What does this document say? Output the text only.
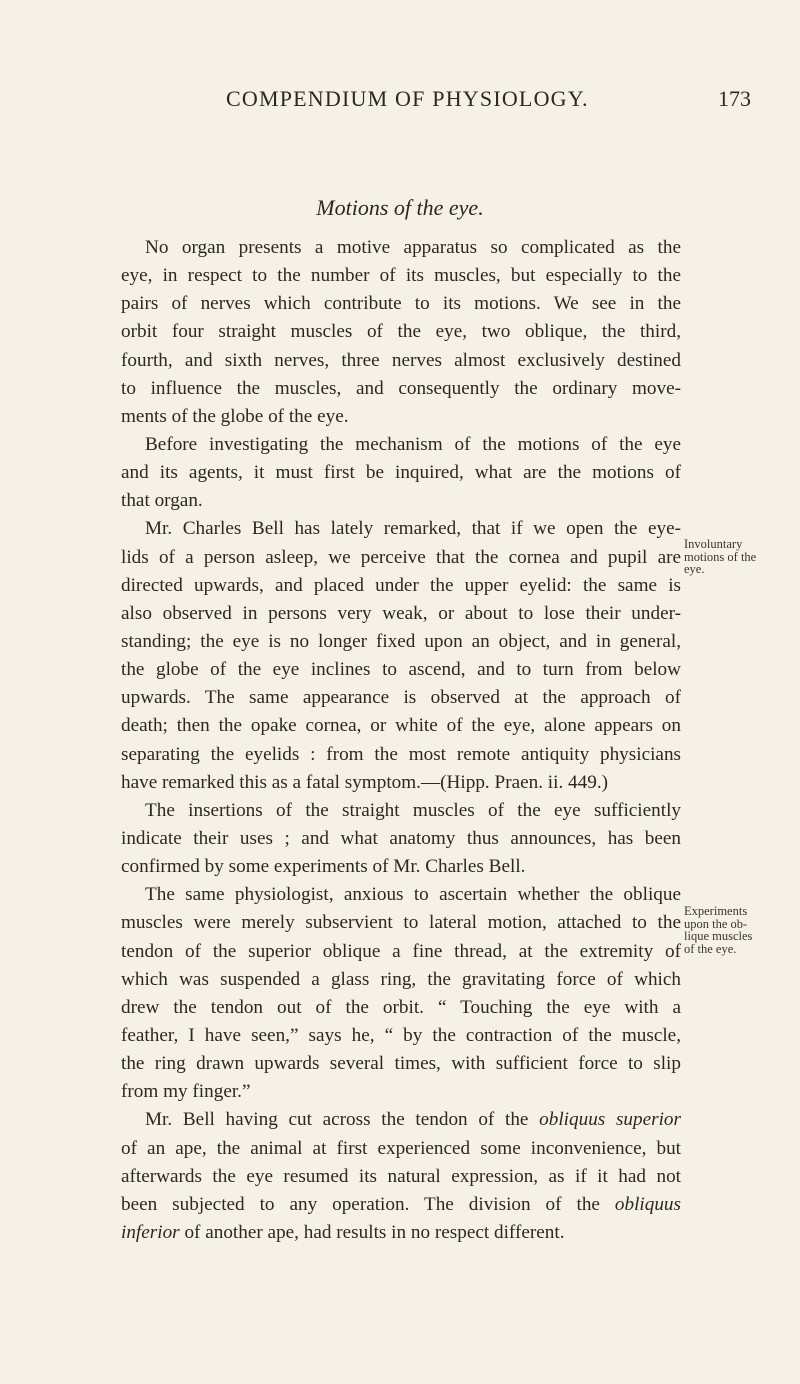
COMPENDIUM OF PHYSIOLOGY.	173
Motions of the eye.
No organ presents a motive apparatus so complicated as the
eye, in respect to the number of its muscles, but especially to the
pairs of nerves which contribute to its motions. We see in the
orbit four straight muscles of the eye, two oblique, the third,
fourth, and sixth nerves, three nerves almost exclusively destined
to influence the muscles, and consequently the ordinary move-
ments of the globe of the eye.
Before investigating the mechanism of the motions of the eye
and its agents, it must first be inquired, what are the motions of
that organ.
Mr. Charles Bell has lately remarked, that if we open the eye-
lids of a person asleep, we perceive that the cornea and pupil are
directed upwards, and placed under the upper eyelid: the same is
also observed in persons very weak, or about to lose their under-
standing; the eye is no longer fixed upon an object, and in general,
the globe of the eye inclines to ascend, and to turn from below
upwards. The same appearance is observed at the approach of
death; then the opake cornea, or white of the eye, alone appears on
separating the eyelids : from the most remote antiquity physicians
have remarked this as a fatal symptom.—(Hipp. Praen. ii. 449.)
The insertions of the straight muscles of the eye sufficiently
indicate their uses ; and what anatomy thus announces, has been
confirmed by some experiments of Mr. Charles Bell.
The same physiologist, anxious to ascertain whether the oblique
muscles were merely subservient to lateral motion, attached to the
tendon of the superior oblique a fine thread, at the extremity of
which was suspended a glass ring, the gravitating force of which
drew the tendon out of the orbit. “ Touching the eye with a
feather, I have seen,” says he, “ by the contraction of the muscle,
the ring drawn upwards several times, with sufficient force to slip
from my finger.”
Mr. Bell having cut across the tendon of the obliquus superior
of an ape, the animal at first experienced some inconvenience, but
afterwards the eye resumed its natural expression, as if it had not
been subjected to any operation. The division of the obliquus
inferior of another ape, had results in no respect different.
Involuntary
motions of the
eye.
Experiments
upon the ob-
lique muscles
of the eye.
